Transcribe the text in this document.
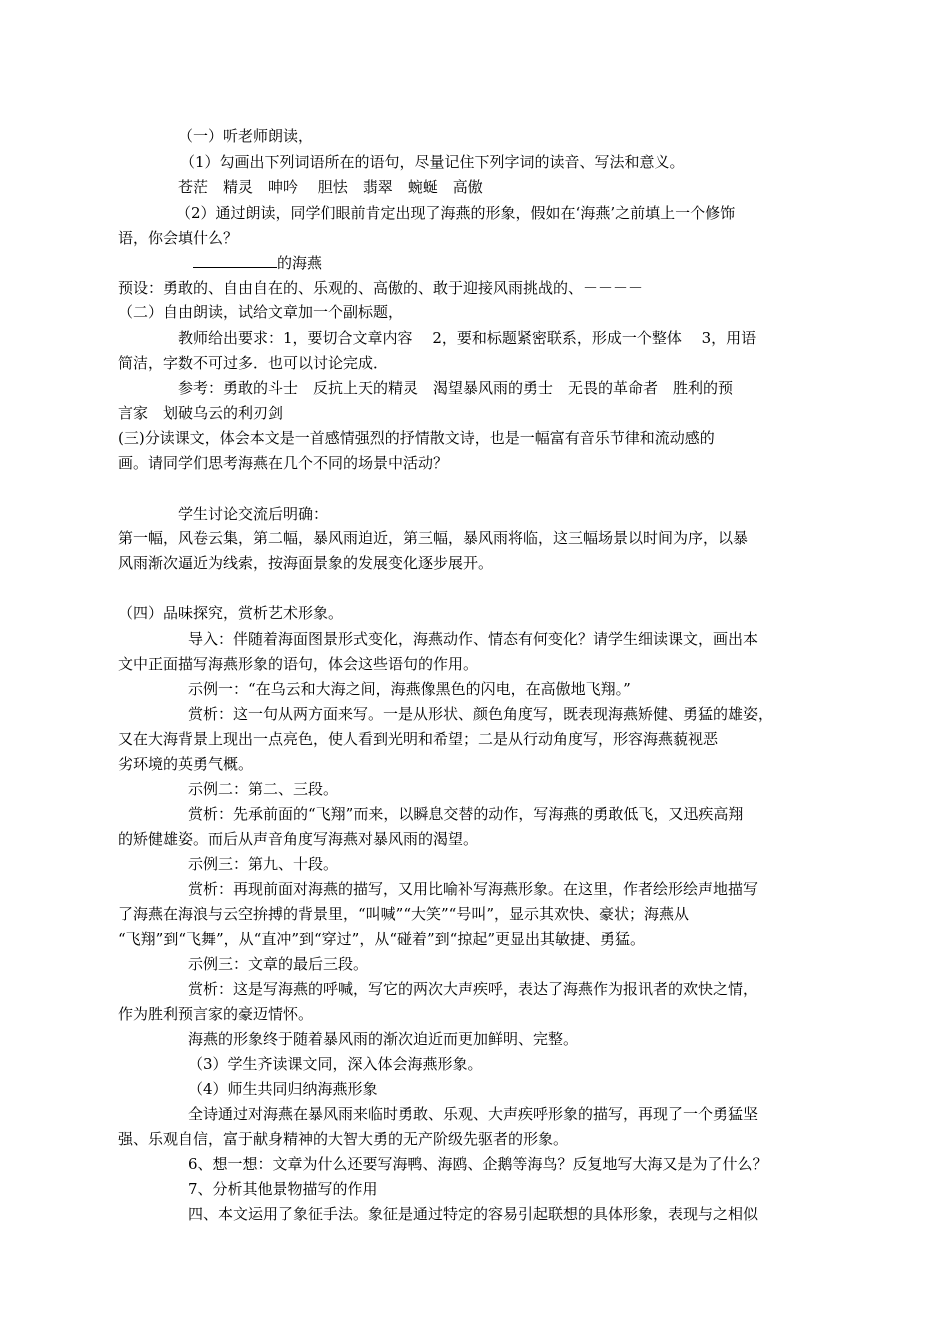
（一）听老师朗读，
（1）勾画出下列词语所在的语句，尽量记住下列字词的读音、写法和意义。
苍茫　精灵　呻吟　 胆怯　翡翠　蜿蜒　高傲
（2）通过朗读，同学们眼前肯定出现了海燕的形象，假如在‘海燕’之前填上一个修饰
语，你会填什么？
的海燕
预设：勇敢的、自由自在的、乐观的、高傲的、敢于迎接风雨挑战的、－－－－
（二）自由朗读，试给文章加一个副标题，
教师给出要求：1，要切合文章内容　 2，要和标题紧密联系，形成一个整体　 3，用语
简洁，字数不可过多．也可以讨论完成．
参考：勇敢的斗士　反抗上天的精灵　渴望暴风雨的勇士　无畏的革命者　胜利的预
言家　划破乌云的利刃剑
(三)分读课文，体会本文是一首感情强烈的抒情散文诗，也是一幅富有音乐节律和流动感的
画。请同学们思考海燕在几个不同的场景中活动？
学生讨论交流后明确：
第一幅，风卷云集，第二幅，暴风雨迫近，第三幅，暴风雨将临，这三幅场景以时间为序，以暴
风雨渐次逼近为线索，按海面景象的发展变化逐步展开。
（四）品味探究，赏析艺术形象。
导入：伴随着海面图景形式变化，海燕动作、情态有何变化？请学生细读课文，画出本
文中正面描写海燕形象的语句，体会这些语句的作用。
示例一：“在乌云和大海之间，海燕像黑色的闪电，在高傲地飞翔。”
赏析：这一句从两方面来写。一是从形状、颜色角度写，既表现海燕矫健、勇猛的雄姿，
又在大海背景上现出一点亮色，使人看到光明和希望；二是从行动角度写，形容海燕藐视恶
劣环境的英勇气概。
示例二：第二、三段。
赏析：先承前面的“飞翔”而来，以瞬息交替的动作，写海燕的勇敢低飞，又迅疾高翔
的矫健雄姿。而后从声音角度写海燕对暴风雨的渴望。
示例三：第九、十段。
赏析：再现前面对海燕的描写，又用比喻补写海燕形象。在这里，作者绘形绘声地描写
了海燕在海浪与云空拚搏的背景里，“叫喊”“大笑”“号叫”，显示其欢快、豪状；海燕从
“飞翔”到“飞舞”，从“直冲”到“穿过”，从“碰着”到“掠起”更显出其敏捷、勇猛。
示例三：文章的最后三段。
赏析：这是写海燕的呼喊，写它的两次大声疾呼，表达了海燕作为报讯者的欢快之情，
作为胜利预言家的豪迈情怀。
海燕的形象终于随着暴风雨的渐次迫近而更加鲜明、完整。
（3）学生齐读课文同，深入体会海燕形象。
（4）师生共同归纳海燕形象
全诗通过对海燕在暴风雨来临时勇敢、乐观、大声疾呼形象的描写，再现了一个勇猛坚
强、乐观自信，富于献身精神的大智大勇的无产阶级先驱者的形象。
6、想一想：文章为什么还要写海鸭、海鸥、企鹅等海鸟？反复地写大海又是为了什么？
7、分析其他景物描写的作用
四、本文运用了象征手法。象征是通过特定的容易引起联想的具体形象，表现与之相似
